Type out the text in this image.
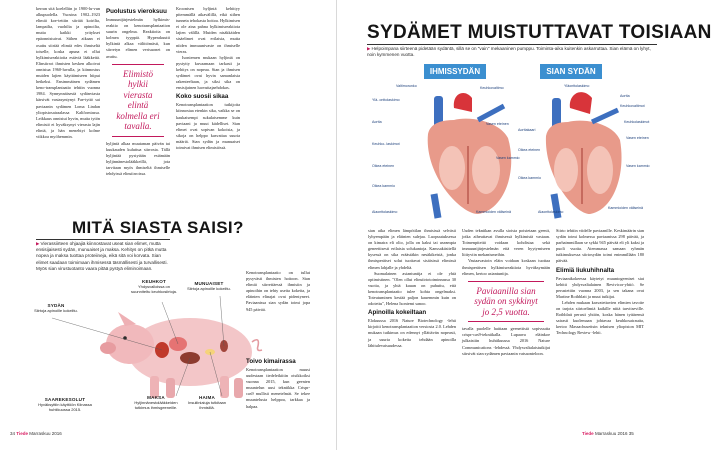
kerran sitä koelelliin jo 1900-lu-vun alkupuolella. Vuosina 1902–1923 elimiä koe-tettiin siirtää koirilta, lampailta, vuohilta ja apinoilta, mutta kaikki yritykset epäonnistuivat. Siihen aikaan ei osattu siirtää elimiä edes ihmiseltä toiselle, koska apuna ei ollut hylkimisreaktioita estäviä lääkkeitä. Elinsiirrot ihmisten kesken alkoivat onnistua 1960-luvulla, ja kiinnostus muiden lajien käyttämiseen hiipui hetkeksi. Ensimmäinen sydämen keno-transplantaatio tehtiin vuonna 1984. Synnynnäisestä sydänviasta kärsivät vastasyntynyt Fae-tyttö sai paviaanin sydämen Loma Lindan yliopistosairaalassa Kaliforniassa. Leikkaus onnistui hyvin, mutta tytön elimistö ei hyväksynyt vierasta lajin elintä, ja hän menehtyi kolme viikkoa myöhemmin.

Puolustus vieroksuu

Immuunijärjestelmän hylkimis-reaktio on kenotransplantaation suurin ongelma. Reaktioita on kolmea tyyppiä. Hyperakuutti hylkintä alkaa välittömästi, kun siirretyn elimen verisuonet on avattu.

Elimistö hylkii vierasta elintä kolmella eri tavalla.

hyljintä alkaa muutaman päivän tai kuukauden kuluttua siirrosta. Tällä hyljintää pystytään estämään hyljinnänestolääkkeillä, jota tarvitaan myös ihmiseltä ihmiselle tehdyissä elinsiirroissa.

Kroonisen hyljintä kehittyy pitemmällä aikavälillä, eikä siihen tunneta tehokasta hoitoa. Hylkimisen ei ole aina pahna hylkimisreaktiota lajien välillä. Muiden nisäkkäiden sisäelimet ovat erilaisia, mutta niiden immuunivaste on ihmiselle vieras.

Isoniemen mukaan hyljintä on pystytty kuvaamaan tarkasti ja kehitys on nopeaa. Sian ja ihmisen sydämet ovat hyvin samanlaisia rakenteeltaan, ja siksi sika on ensisijainen luovuttajaehdokas.

Koko suosii sikaa

Kenotransplantaation tutkijoita kiinnostaa etenkin sika, vaikka se on kaukaisempi sukulaisemme kuin paviaani ja muut kädelliset. Sian elimet ovat sopivan kokoisia, ja sikoja on helppo kasvattaa suuria määriä. Sian sydän ja munuaiset toimivat ihmisen elimistössä.

MITÄ SIASTA SAISI?
▶Vierassiirteen ohjaajiä kiinnostavat useat sian elimet, mutta ensisijaisesti sydän, munuaiset ja maksa. Kehitys on pitkä mutta nopea ja maksa tuottaa proteiineja, eikä sitä voi korvata. Sian elimet saadaan toimimaan ihmisessä täsmällisesti ja turvallisesti. Myös sian virustuotanto vaara pitää pystyä eliminoimaan.
SYDÄN
Siirtoja apinoille kokeiltu.
KEUHKOT
Yhdysvalloissa on suunniteltu keuhkosiirtoja.
MUNUAISET
Siirtoja apinoille kokeiltu.
SAAREKESOLUT
Hyväksyttiin käyttöön Kiinassa huhtikuussa 2015.
MAKSA
Hyljinnänestolääkkeiden tutkimus ihmisgeeneille.
HAIMA
Insuliiniaiuja tutkitaan ihmisillä.

Kenotransplantaatio on tullut pysyvästi ihmisten hoitoon. Sian elimiä siirrettäessä ihmisiin ja apinoihin on tehty useita kokeita, ja eläinten elinajat ovat pidentyneet. Paviaanissa sian sydän toimi jopa 945 päivää.

Toivo kimairassa

Kenotransplantaation muusi uudestaan tiedeleikiitin otsikkoiksi vuonna 2015, kun geenien muuntelun uusi tekniikka Crispr-cas9 mullisti menetelmät. Se tekee muuntelusta helppoa, tarkkaa ja halpaa.

34 Tiede Marraskuu 2016
SYDÄMET MUISTUTTAVAT TOISIAAN
▶Helpoimpana siirteenä pidetään sydäntä, sillä se on "vain" mekaaninen pumppu. Toiminta-aika kuitenkin askarruttaa. Sian elämä on lyhyt, noin kymmenen vuotta.
IHMISSYDÄN	SIAN SYDÄN
Valtimorunko
Ylä- onttolaskimo
Aortta
Keuhko- laskimot
Oikea eteinen
Keuhkovaltimo
Vasen eteinen
Vasen kammio
Oikea kammio
Kammioiden väliseinä
Alaonttolaskimo
Yläonttolaskimo
Aortta
Keuhkovaltimot
Keuhkolaskimot
Vasen eteinen
Vasen kammio
Oikea eteinen
Oikea kammio
Kammioiden väliseinä
Alaonttolaskimo
Aorttakaari

sian aika elimen lämpötilan ihmisissä selvästi lyhyempään ja eläinten sulejaa. Luopuutuksessa on kimaira eli olio, jolla on kaksi tai useampia geneettisesti erilaisia solukantoja. Kanssakäsitellä kysessä on sika eräästäkin nesäkikeistä, jonka ihmisperäiset solut tuottavat sisäisissä elimissä elimen lahjalle ja yhdeltä.

Suomalainen asiantuntija ei ole yhtä optimistinen. "Olen ollut elinsiirtotoiminnassa 30 vuotta, ja yhtä kauan on puhuttu, että kenotransplantaatio tulee kohta ongelmaksi. Toteutuminen kestää paljon kauemmin kuin on odotettu", Helena Isoniemi sanoo.

Apinoilla kokeiltaan

Elokuussa 2016 Nature Biotechnology -lehti kirjoitti kenotransplantaation versiosta 2.0. Lehden mukaan tutkimus on edennyt yllättävän nopeasti, ja suuria kokeita tehdään apinoilla lähitulevaisuudessa.

Uuden tekniikan avulla sioista poistetaan geenit, jotka aiheuttavat ihmisessä hylkimistä vastaan. Toimenpiteitä voidaan kohdistaa sekä immuunijärjestelmän että veren hyytymiseen liittyviin mekanismeihin.

Vastaavastoin eläin voidaan koskaan tuottaa ihmisperäisen hylkimisreaktiota hyväksymään elimen, kertoo asiantuntija.

Paviaanilla sian sydän on sykkinyt jo 2,5 vuotta.

tavalla puolelle haittaan geenettistä sopivuutta crispr-cas9-tekniikalla. Lupaava eläinkoe julkaistiin huhtikuussa 2016 Nature Communications -lehdessä. Yhdysvaltalaistutkijat siirsivät sian sydämen paviaanin vatsaonteloon.

Siirto tehtiin viidelle paviaanille. Keskimäärin sian sydän toimi kolmessa paviaanissa 298 päivää, ja parhaimmillaan se sykki 945 päivää eli yli kaksi ja puoli vuotta. Aiemmassa samaan ryhmän tutkimuksessa siirtosydän toimi enimmillään 180 päivää.

Elimiä liukuhihnalta

Paviaanikokeessa käytetyt muuntogeeniset siat kehitti yhdysvaltalainen Revivicor-yhtiö. Se perustettiin vuonna 2003, ja sen takana ovat Martine Rothblatt ja muut tutkijat.

Lehden mukaan kasvatettavien elimien tavoite on tarjota siirtoelimiä kaikille niitä tarvitseville. Rothblatt perusti yhtiön, koska hänen tyttärensä sairasti kuolemaan johtavaa keuhkosairautta, kertoo Massachusettsin teknisen yliopiston MIT Technology Review -lehti.

Tiede Marraskuu 2016 35
